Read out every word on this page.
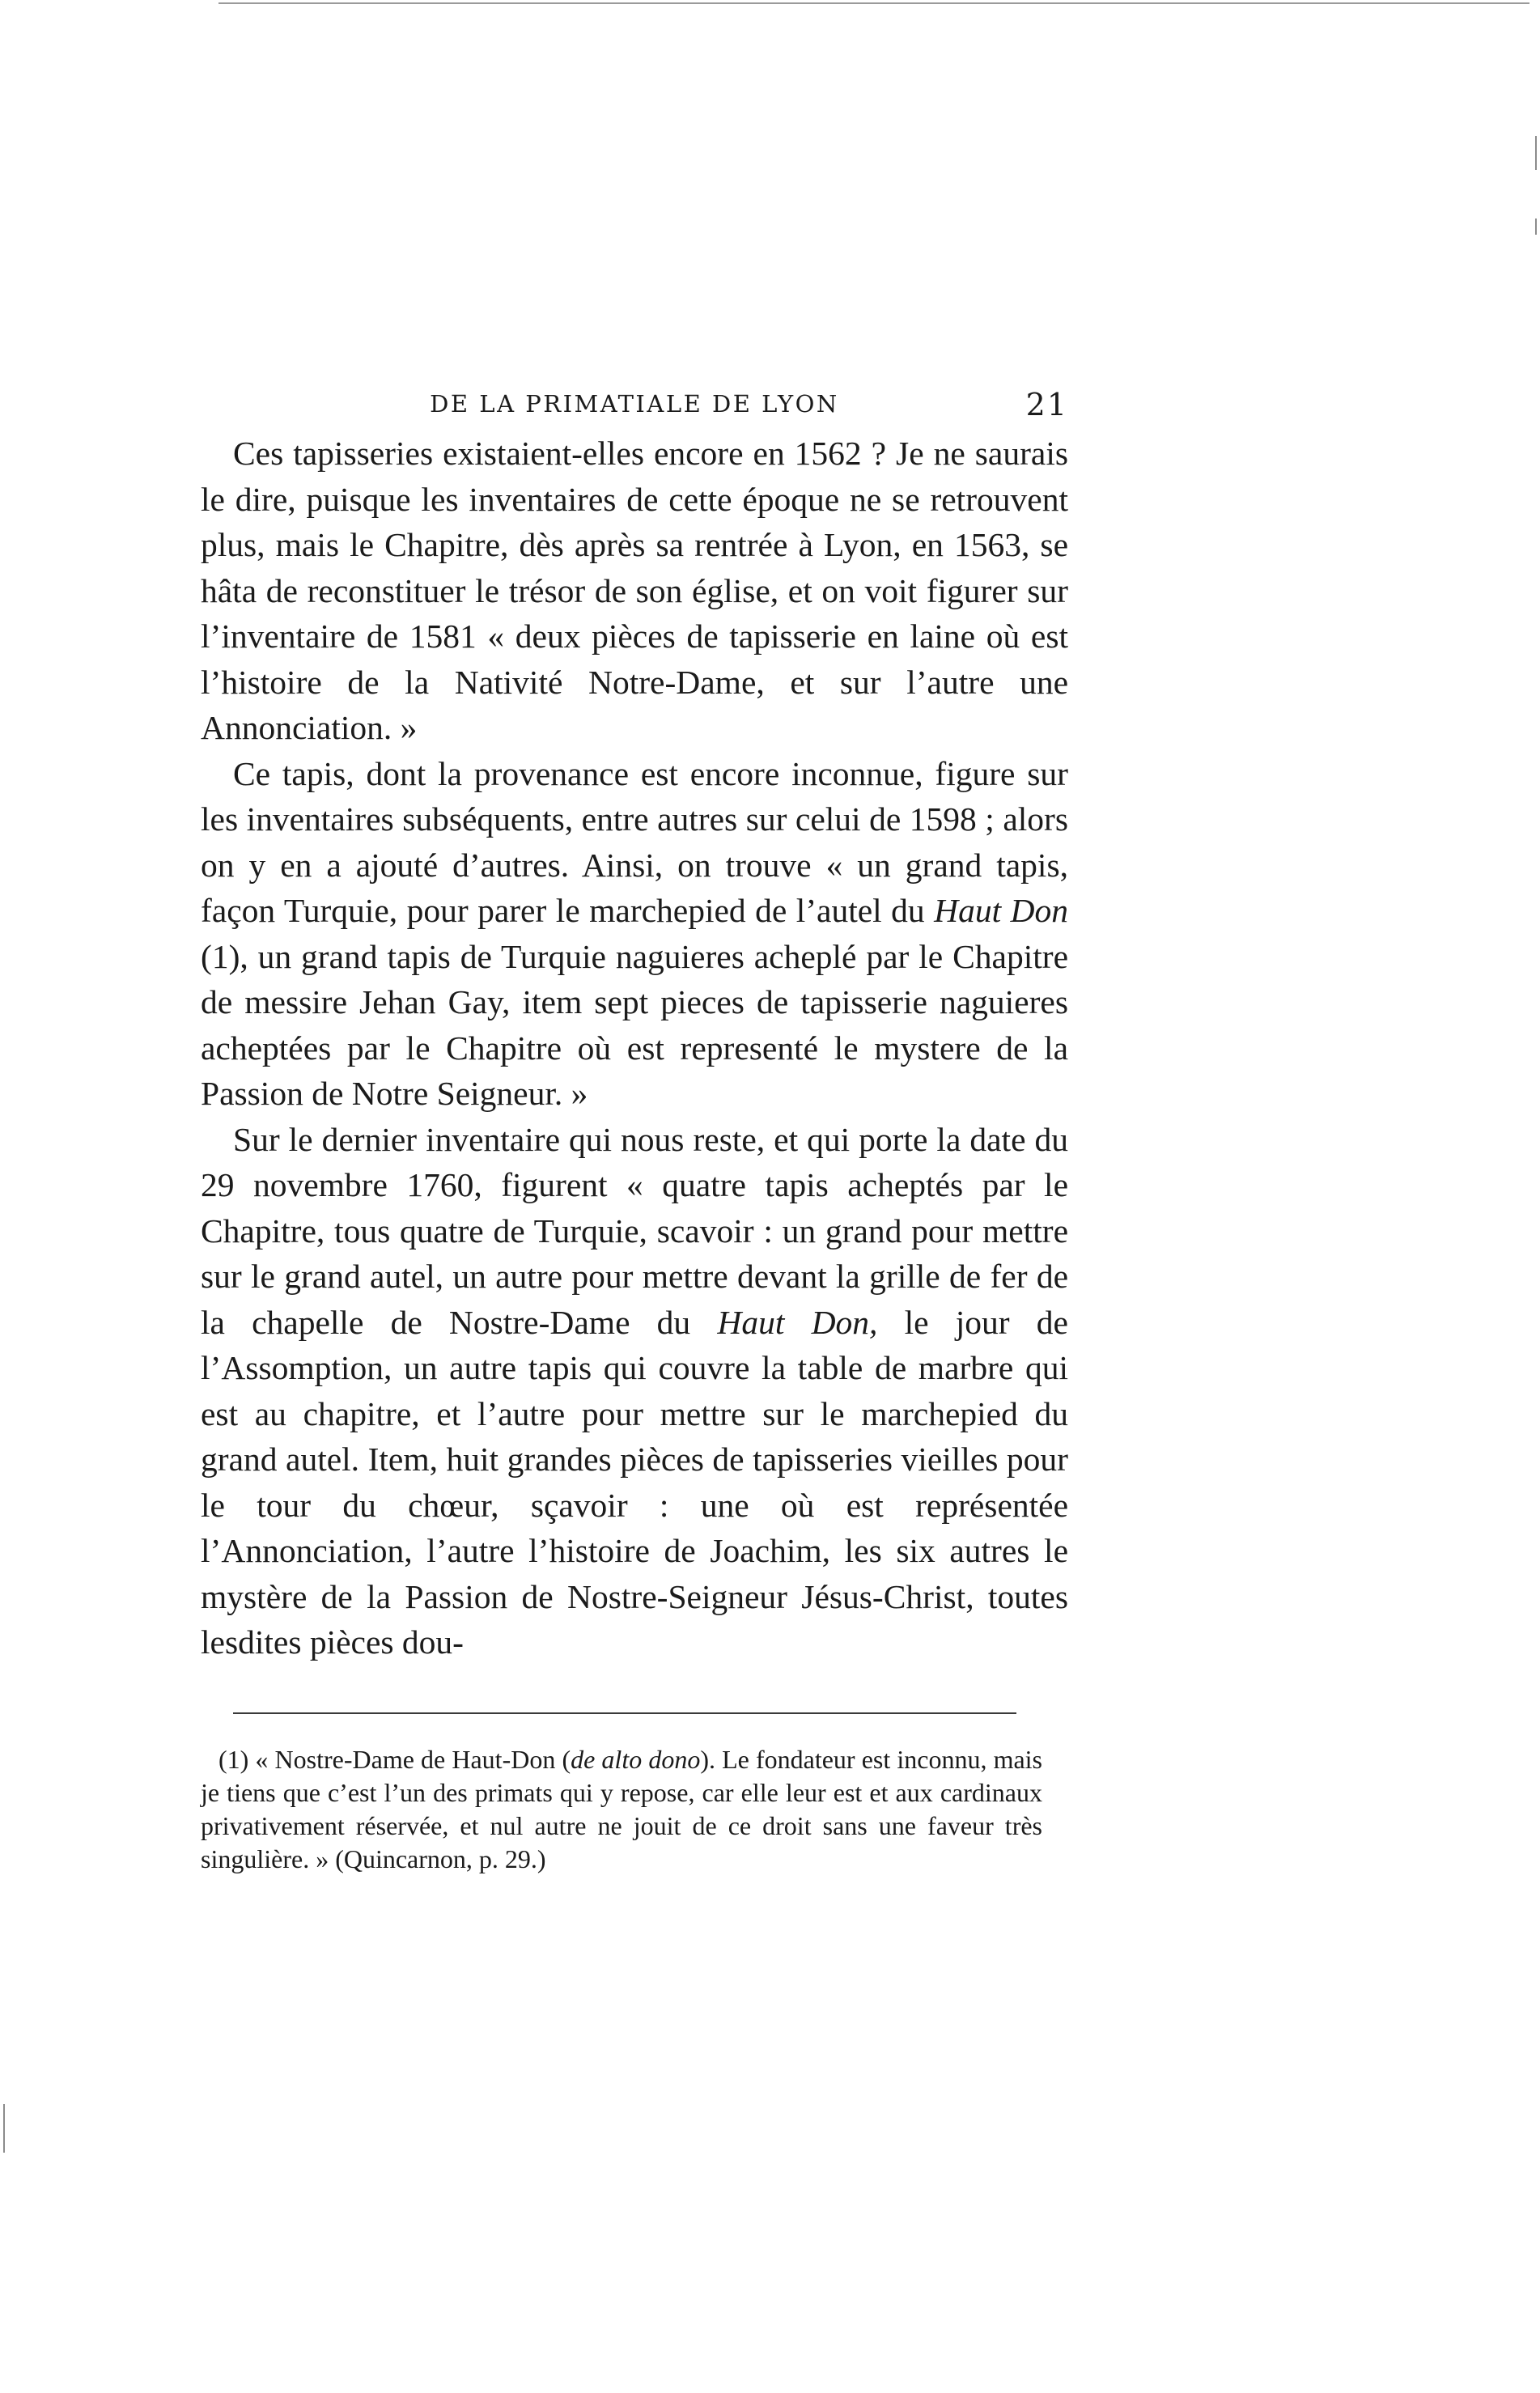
DE LA PRIMATIALE DE LYON	21

Ces tapisseries existaient-elles encore en 1562 ? Je ne saurais le dire, puisque les inventaires de cette époque ne se retrouvent plus, mais le Chapitre, dès après sa rentrée à Lyon, en 1563, se hâta de reconstituer le trésor de son église, et on voit figurer sur l’inventaire de 1581 « deux pièces de tapisserie en laine où est l’histoire de la Nativité Notre-Dame, et sur l’autre une Annonciation. »

Ce tapis, dont la provenance est encore inconnue, figure sur les inventaires subséquents, entre autres sur celui de 1598 ; alors on y en a ajouté d’autres. Ainsi, on trouve « un grand tapis, façon Turquie, pour parer le marchepied de l’autel du Haut Don (1), un grand tapis de Turquie naguieres acheplé par le Chapitre de messire Jehan Gay, item sept pieces de tapisserie naguieres acheptées par le Chapitre où est representé le mystere de la Passion de Notre Seigneur. »

Sur le dernier inventaire qui nous reste, et qui porte la date du 29 novembre 1760, figurent « quatre tapis acheptés par le Chapitre, tous quatre de Turquie, scavoir : un grand pour mettre sur le grand autel, un autre pour mettre devant la grille de fer de la chapelle de Nostre-Dame du Haut Don, le jour de l’Assomption, un autre tapis qui couvre la table de marbre qui est au chapitre, et l’autre pour mettre sur le marchepied du grand autel. Item, huit grandes pièces de tapisseries vieilles pour le tour du chœur, sçavoir : une où est représentée l’Annonciation, l’autre l’histoire de Joachim, les six autres le mystère de la Passion de Nostre-Seigneur Jésus-Christ, toutes lesdites pièces dou-

(1) « Nostre-Dame de Haut-Don (de alto dono). Le fondateur est inconnu, mais je tiens que c’est l’un des primats qui y repose, car elle leur est et aux cardinaux privativement réservée, et nul autre ne jouit de ce droit sans une faveur très singulière. » (Quincarnon, p. 29.)
